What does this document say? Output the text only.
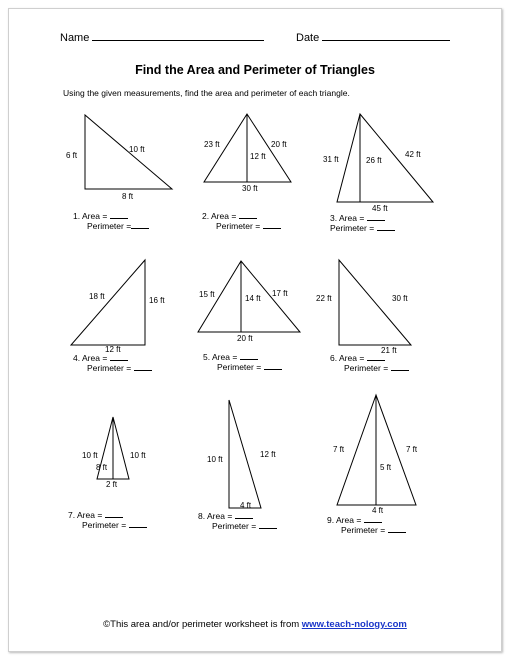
Name	Date
Find the Area and Perimeter of Triangles
Using the given measurements, find the area and perimeter of each triangle.
6 ft
10 ft
8 ft
23 ft	20 ft
12 ft
30 ft
31 ft	26 ft
42 ft
45 ft
18 ft	16 ft
12 ft
15 ft	14 ft
17 ft
20 ft
22 ft	30 ft
21 ft
10 ft	10 ft
8 ft
2 ft
10 ft
12 ft
4 ft
7 ft	7 ft
5 ft
4 ft
1. Area =
Perimeter =
2. Area =
Perimeter =
3. Area =
Perimeter =
4. Area =
Perimeter =
5. Area =
Perimeter =
6. Area =
Perimeter =
7. Area =
Perimeter =
8. Area =
Perimeter =
9. Area =
Perimeter =
©This area and/or perimeter worksheet is from www.teach-nology.com
